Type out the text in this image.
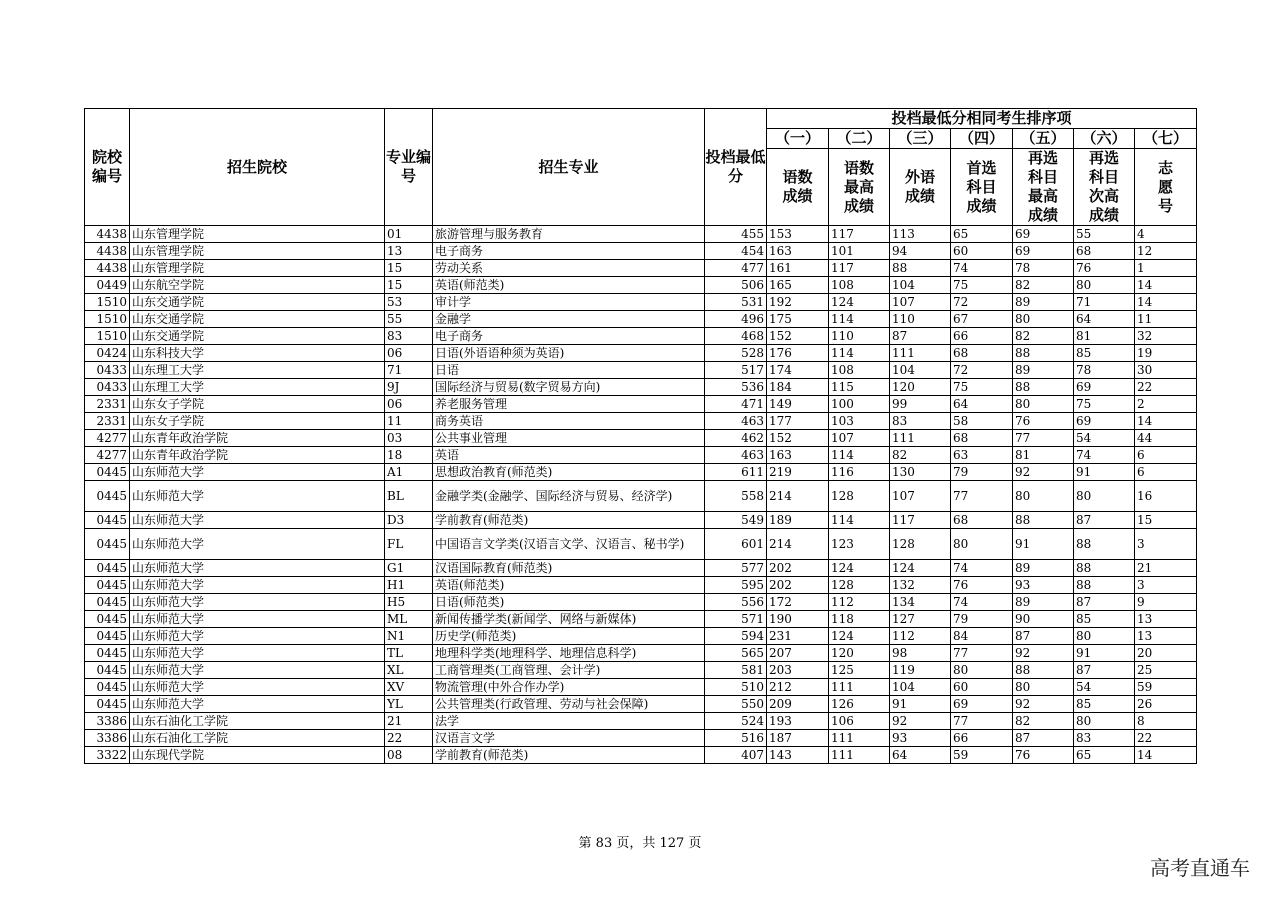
院校编号	招生院校	专业编号	招生专业	投档最低分	投档最低分相同考生排序项						
					（一）	（二）	（三）	（四）	（五）	（六）	（七）
					语数成绩	语数最高成绩	外语成绩	首选科目成绩	再选科目最高成绩	再选科目次高成绩	志愿号
4438	山东管理学院	01	旅游管理与服务教育	455	153	117	113	65	69	55	4
4438	山东管理学院	13	电子商务	454	163	101	94	60	69	68	12
4438	山东管理学院	15	劳动关系	477	161	117	88	74	78	76	1
0449	山东航空学院	15	英语(师范类)	506	165	108	104	75	82	80	14
1510	山东交通学院	53	审计学	531	192	124	107	72	89	71	14
1510	山东交通学院	55	金融学	496	175	114	110	67	80	64	11
1510	山东交通学院	83	电子商务	468	152	110	87	66	82	81	32
0424	山东科技大学	06	日语(外语语种须为英语)	528	176	114	111	68	88	85	19
0433	山东理工大学	71	日语	517	174	108	104	72	89	78	30
0433	山东理工大学	9J	国际经济与贸易(数字贸易方向)	536	184	115	120	75	88	69	22
2331	山东女子学院	06	养老服务管理	471	149	100	99	64	80	75	2
2331	山东女子学院	11	商务英语	463	177	103	83	58	76	69	14
4277	山东青年政治学院	03	公共事业管理	462	152	107	111	68	77	54	44
4277	山东青年政治学院	18	英语	463	163	114	82	63	81	74	6
0445	山东师范大学	A1	思想政治教育(师范类)	611	219	116	130	79	92	91	6
0445	山东师范大学	BL	金融学类(金融学、国际经济与贸易、经济学)	558	214	128	107	77	80	80	16
0445	山东师范大学	D3	学前教育(师范类)	549	189	114	117	68	88	87	15
0445	山东师范大学	FL	中国语言文学类(汉语言文学、汉语言、秘书学)	601	214	123	128	80	91	88	3
0445	山东师范大学	G1	汉语国际教育(师范类)	577	202	124	124	74	89	88	21
0445	山东师范大学	H1	英语(师范类)	595	202	128	132	76	93	88	3
0445	山东师范大学	H5	日语(师范类)	556	172	112	134	74	89	87	9
0445	山东师范大学	ML	新闻传播学类(新闻学、网络与新媒体)	571	190	118	127	79	90	85	13
0445	山东师范大学	N1	历史学(师范类)	594	231	124	112	84	87	80	13
0445	山东师范大学	TL	地理科学类(地理科学、地理信息科学)	565	207	120	98	77	92	91	20
0445	山东师范大学	XL	工商管理类(工商管理、会计学)	581	203	125	119	80	88	87	25
0445	山东师范大学	XV	物流管理(中外合作办学)	510	212	111	104	60	80	54	59
0445	山东师范大学	YL	公共管理类(行政管理、劳动与社会保障)	550	209	126	91	69	92	85	26
3386	山东石油化工学院	21	法学	524	193	106	92	77	82	80	8
3386	山东石油化工学院	22	汉语言文学	516	187	111	93	66	87	83	22
3322	山东现代学院	08	学前教育(师范类)	407	143	111	64	59	76	65	14
第 83 页，共 127 页
高考直通车
